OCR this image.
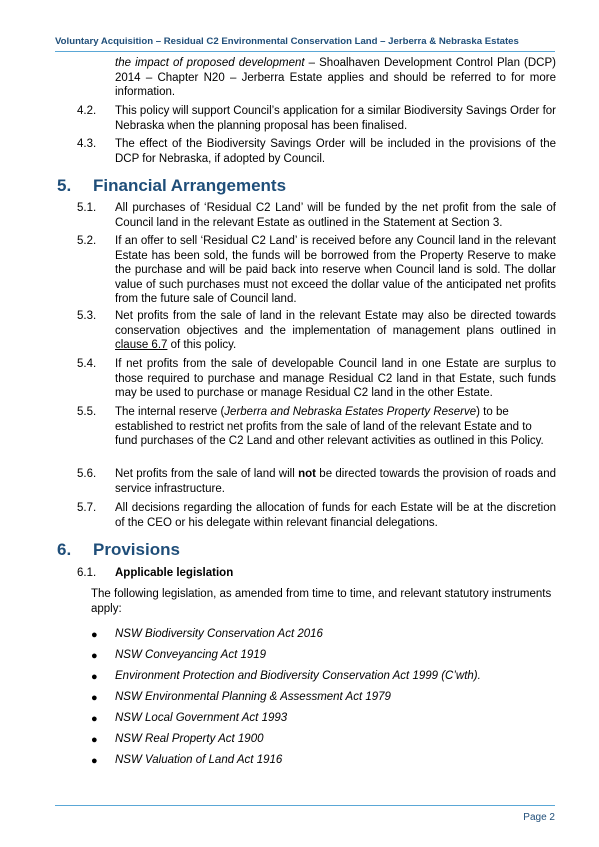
Voluntary Acquisition – Residual C2 Environmental Conservation Land – Jerberra & Nebraska Estates

the impact of proposed development – Shoalhaven Development Control Plan (DCP) 2014 – Chapter N20 – Jerberra Estate applies and should be referred to for more information.

4.2. This policy will support Council’s application for a similar Biodiversity Savings Order for Nebraska when the planning proposal has been finalised.

4.3. The effect of the Biodiversity Savings Order will be included in the provisions of the DCP for Nebraska, if adopted by Council.

5. Financial Arrangements
5.1. All purchases of ‘Residual C2 Land’ will be funded by the net profit from the sale of Council land in the relevant Estate as outlined in the Statement at Section 3.

5.2. If an offer to sell ‘Residual C2 Land’ is received before any Council land in the relevant Estate has been sold, the funds will be borrowed from the Property Reserve to make the purchase and will be paid back into reserve when Council land is sold. The dollar value of such purchases must not exceed the dollar value of the anticipated net profits from the future sale of Council land.

5.3. Net profits from the sale of land in the relevant Estate may also be directed towards conservation objectives and the implementation of management plans outlined in clause 6.7 of this policy.

5.4. If net profits from the sale of developable Council land in one Estate are surplus to those required to purchase and manage Residual C2 land in that Estate, such funds may be used to purchase or manage Residual C2 land in the other Estate.

5.5. The internal reserve (Jerberra and Nebraska Estates Property Reserve) to be established to restrict net profits from the sale of land of the relevant Estate and to fund purchases of the C2 Land and other relevant activities as outlined in this Policy.

5.6. Net profits from the sale of land will not be directed towards the provision of roads and service infrastructure.

5.7. All decisions regarding the allocation of funds for each Estate will be at the discretion of the CEO or his delegate within relevant financial delegations.

6. Provisions
6.1. Applicable legislation

The following legislation, as amended from time to time, and relevant statutory instruments apply:

● NSW Biodiversity Conservation Act 2016
● NSW Conveyancing Act 1919
● Environment Protection and Biodiversity Conservation Act 1999 (C’wth).
● NSW Environmental Planning & Assessment Act 1979
● NSW Local Government Act 1993
● NSW Real Property Act 1900
● NSW Valuation of Land Act 1916
Page 2
